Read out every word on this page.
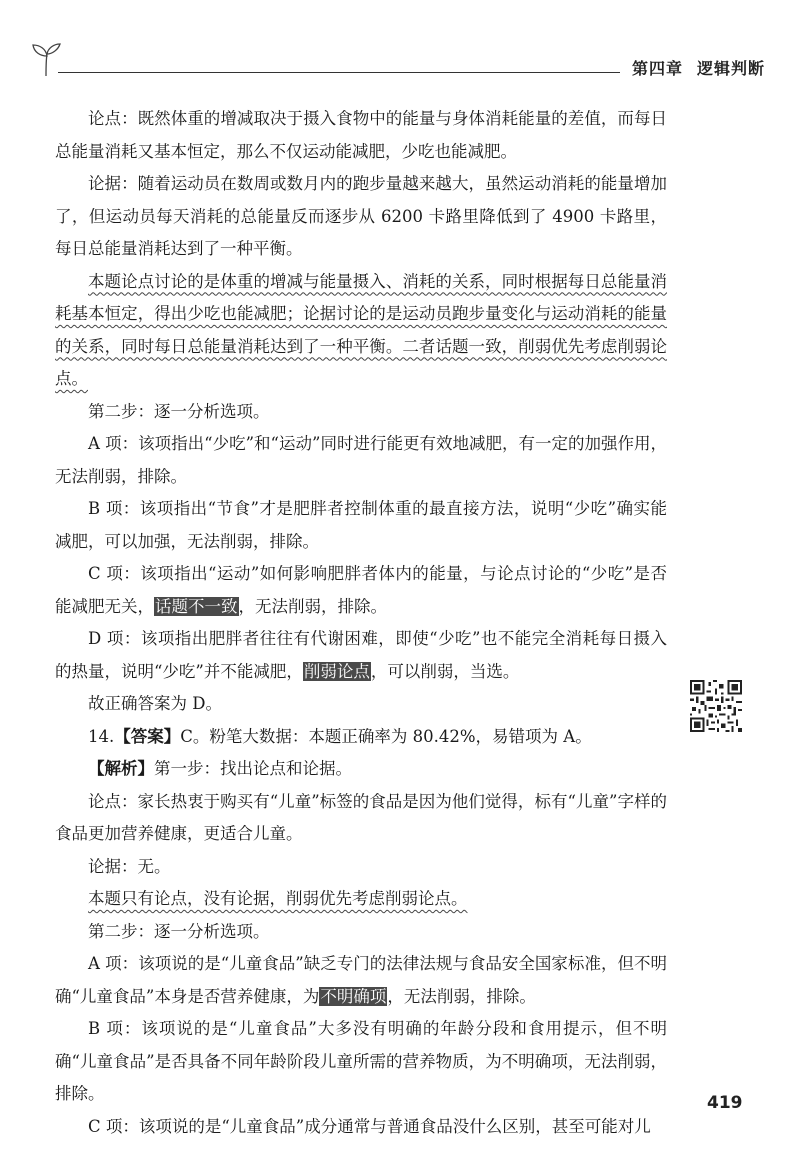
第四章 逻辑判断

论点：既然体重的增减取决于摄入食物中的能量与身体消耗能量的差值，而每日总能量消耗又基本恒定，那么不仅运动能减肥，少吃也能减肥。

论据：随着运动员在数周或数月内的跑步量越来越大，虽然运动消耗的能量增加了，但运动员每天消耗的总能量反而逐步从 6200 卡路里降低到了 4900 卡路里，每日总能量消耗达到了一种平衡。

本题论点讨论的是体重的增减与能量摄入、消耗的关系，同时根据每日总能量消耗基本恒定，得出少吃也能减肥；论据讨论的是运动员跑步量变化与运动消耗的能量的关系，同时每日总能量消耗达到了一种平衡。二者话题一致，削弱优先考虑削弱论点。

第二步：逐一分析选项。

A 项：该项指出“少吃”和“运动”同时进行能更有效地减肥，有一定的加强作用，无法削弱，排除。

B 项：该项指出“节食”才是肥胖者控制体重的最直接方法，说明“少吃”确实能减肥，可以加强，无法削弱，排除。

C 项：该项指出“运动”如何影响肥胖者体内的能量，与论点讨论的“少吃”是否能减肥无关，话题不一致，无法削弱，排除。

D 项：该项指出肥胖者往往有代谢困难，即使“少吃”也不能完全消耗每日摄入的热量，说明“少吃”并不能减肥，削弱论点，可以削弱，当选。

故正确答案为 D。

14.【答案】C。粉笔大数据：本题正确率为 80.42%，易错项为 A。

【解析】第一步：找出论点和论据。

论点：家长热衷于购买有“儿童”标签的食品是因为他们觉得，标有“儿童”字样的食品更加营养健康，更适合儿童。

论据：无。

本题只有论点，没有论据，削弱优先考虑削弱论点。

第二步：逐一分析选项。

A 项：该项说的是“儿童食品”缺乏专门的法律法规与食品安全国家标准，但不明确“儿童食品”本身是否营养健康，为不明确项，无法削弱，排除。

B 项：该项说的是“儿童食品”大多没有明确的年龄分段和食用提示，但不明确“儿童食品”是否具备不同年龄阶段儿童所需的营养物质，为不明确项，无法削弱，排除。

C 项：该项说的是“儿童食品”成分通常与普通食品没什么区别，甚至可能对儿

419
